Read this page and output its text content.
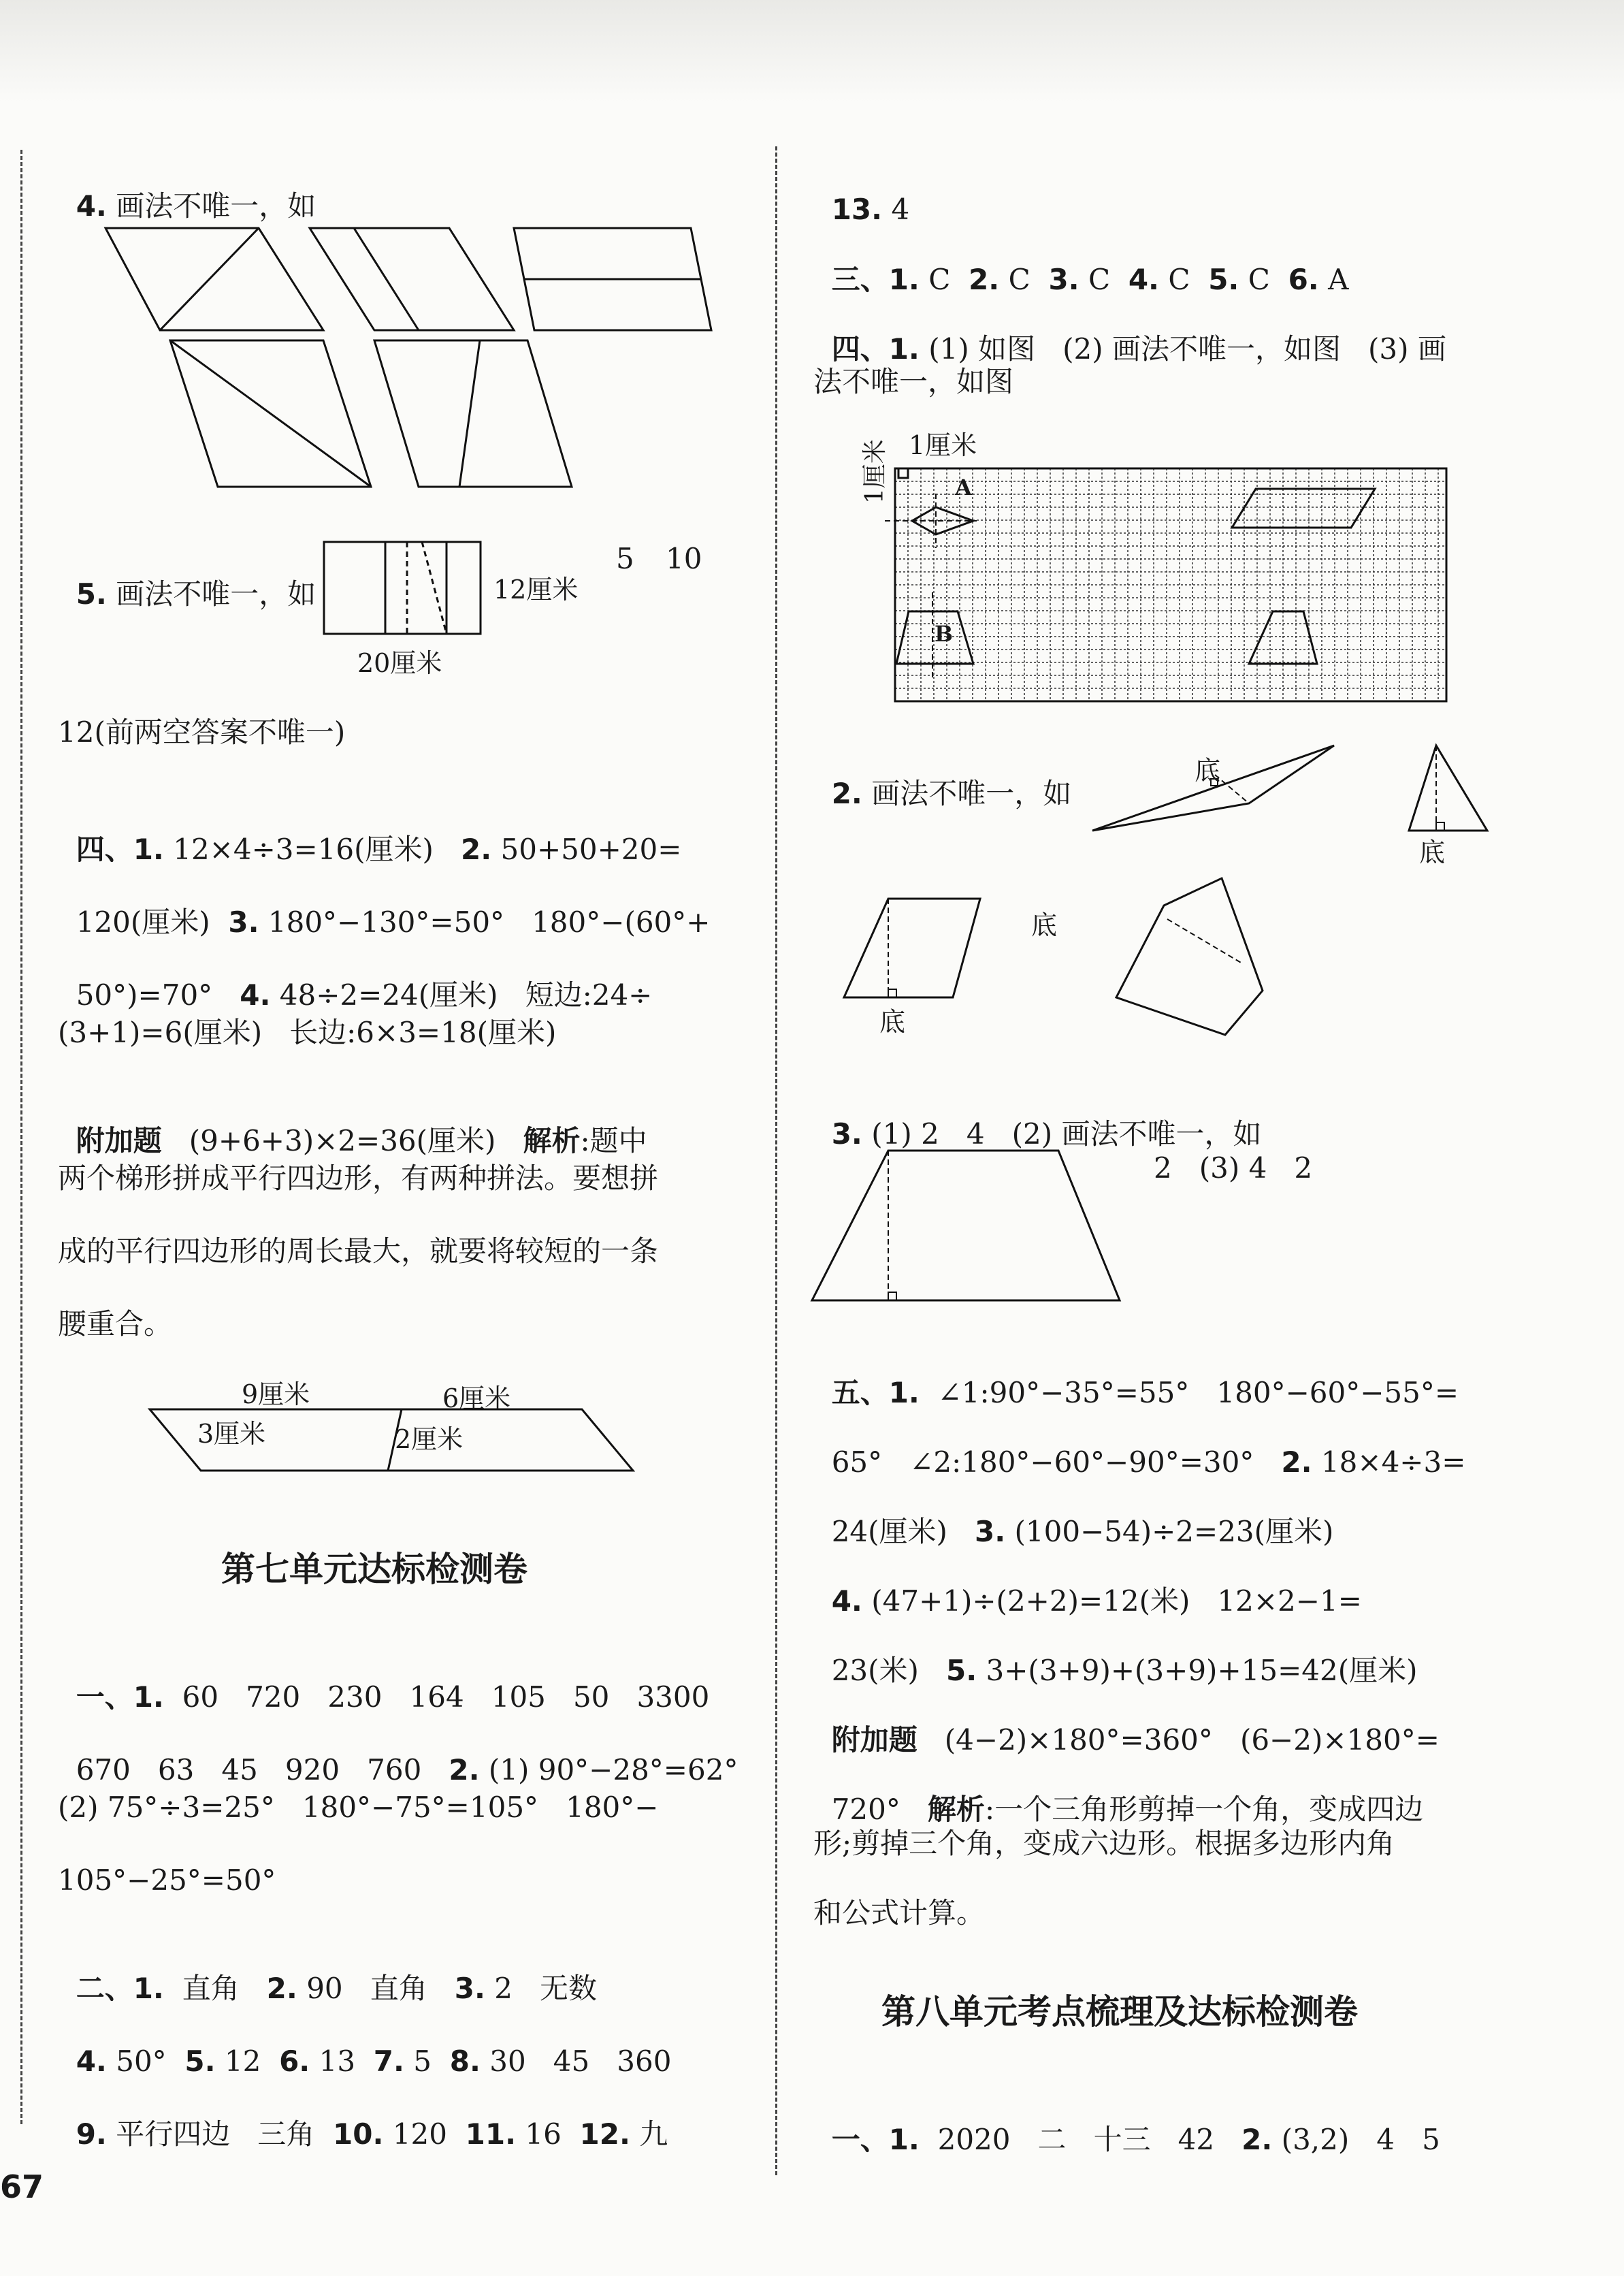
4. 画法不唯一，如

5. 画法不唯一，如	12厘米
20厘米
5 10
12(前两空答案不唯一)

四、1. 12×4÷3=16(厘米)   2. 50+50+20=

120(厘米)  3. 180°−130°=50°   180°−(60°+

50°)=70°   4. 48÷2=24(厘米)   短边:24÷

(3+1)=6(厘米)   长边:6×3=18(厘米)

附加题   (9+6+3)×2=36(厘米)   解析:题中

两个梯形拼成平行四边形，有两种拼法。要想拼
成的平行四边形的周长最大，就要将较短的一条
腰重合。
9厘米	6厘米
3厘米	2厘米
第七单元达标检测卷

一、1.  60   720   230   164   105   50   3300

670   63   45   920   760   2. (1) 90°−28°=62°

(2) 75°÷3=25°   180°−75°=105°   180°−
105°−25°=50°

二、1.  直角   2. 90   直角   3. 2   无数

4. 50°  5. 12  6. 13  7. 5  8. 30   45   360

9. 平行四边   三角  10. 120  11. 16  12. 九

67

13. 4

三、1. C  2. C  3. C  4. C  5. C  6. A

四、1. (1) 如图   (2) 画法不唯一，如图   (3) 画

法不唯一，如图
1厘米
1厘米	A
B

2. 画法不唯一，如

底
底
底
底

3. (1) 2   4   (2) 画法不唯一，如

2   (3) 4   2

五、1.  ∠1:90°−35°=55°   180°−60°−55°=

65°   ∠2:180°−60°−90°=30°   2. 18×4÷3=

24(厘米)   3. (100−54)÷2=23(厘米)

4. (47+1)÷(2+2)=12(米)   12×2−1=

23(米)   5. 3+(3+9)+(3+9)+15=42(厘米)

附加题   (4−2)×180°=360°   (6−2)×180°=

720°   解析:一个三角形剪掉一个角，变成四边

形;剪掉三个角，变成六边形。根据多边形内角
和公式计算。
第八单元考点梳理及达标检测卷

一、1.  2020   二   十三   42   2. (3,2)   4   5
